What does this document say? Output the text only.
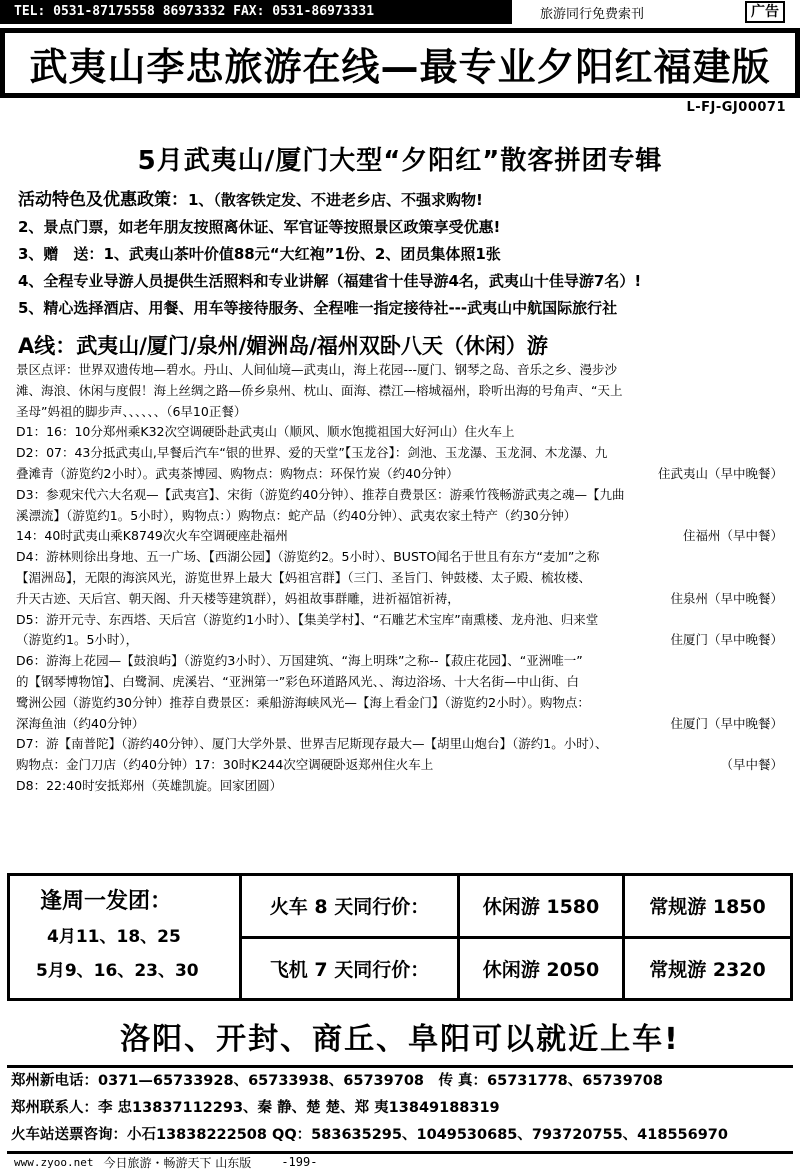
TEL: 0531-87175558 86973332 FAX: 0531-86973331	旅游同行免费索刊	广告
武夷山李忠旅游在线—最专业夕阳红福建版
L-FJ-GJ00071
5月武夷山/厦门大型“夕阳红”散客拼团专辑
活动特色及优惠政策：1、（散客铁定发、不进老乡店、不强求购物!
2、景点门票，如老年朋友按照离休证、军官证等按照景区政策享受优惠!
3、赠　送：1、武夷山茶叶价值88元“大红袍”1份、2、团员集体照1张
4、全程专业导游人员提供生活照料和专业讲解（福建省十佳导游4名，武夷山十佳导游7名）!
5、精心选择酒店、用餐、用车等接待服务、全程唯一指定接待社---武夷山中航国际旅行社
A线：武夷山/厦门/泉州/媚洲岛/福州双卧八天（休闲）游
景区点评：世界双遗传地—碧水。丹山、人间仙境—武夷山，海上花园---厦门、钢琴之岛、音乐之乡、漫步沙
滩、海浪、休闲与度假！海上丝绸之路—侨乡泉州、枕山、面海、襟江—榕城福州，聆听出海的号角声、“天上
圣母”妈祖的脚步声、、、、、、（6早10正餐）
D1：16：10分郑州乘K32次空调硬卧赴武夷山（顺风、顺水饱揽祖国大好河山）住火车上
D2：07：43分抵武夷山,早餐后汽车“银的世界、爱的天堂”【玉龙谷】：剑池、玉龙瀑、玉龙洞、木龙瀑、九
叠滩青（游览约2小时）。武夷茶博园、购物点：购物点：环保竹炭（约40分钟）	住武夷山（早中晚餐）
D3：参观宋代六大名观—【武夷宫】、宋街（游览约40分钟）、推荐自费景区：游乘竹筏畅游武夷之魂—【九曲
溪漂流】（游览约1。5小时），购物点：）购物点：蛇产品（约40分钟）、武夷农家土特产（约30分钟）
14：40时武夷山乘K8749次火车空调硬座赴福州	住福州（早中餐）
D4：游林则徐出身地、五一广场、【西湖公园】（游览约2。5小时）、BUSTO闻名于世且有东方“麦加”之称
【湄洲岛】，无限的海滨风光，游览世界上最大【妈祖宫群】（三门、圣旨门、钟鼓楼、太子殿、梳妆楼、
升天古迹、天后宫、朝天阁、升天楼等建筑群），妈祖故事群雕，进祈福馆祈祷，	住泉州（早中晚餐）
D5：游开元寺、东西塔、天后宫（游览约1小时）、【集美学村】、“石雕艺术宝库”南熏楼、龙舟池、归来堂
（游览约1。5小时），	住厦门（早中晚餐）
D6：游海上花园—【鼓浪屿】（游览约3小时）、万国建筑、“海上明珠”之称--【菽庄花园】、“亚洲唯一”
的【钢琴博物馆】、白鹭洞、虎溪岩、“亚洲第一”彩色环道路风光、、海边浴场、十大名街—中山街、白
鹭洲公园（游览约30分钟）推荐自费景区：乘船游海峡风光—【海上看金门】（游览约2小时）。购物点：
深海鱼油（约40分钟）	住厦门（早中晚餐）
D7：游【南普陀】（游约40分钟）、厦门大学外景、世界吉尼斯现存最大—【胡里山炮台】（游约1。小时）、
购物点：金门刀店（约40分钟）17：30时K244次空调硬卧返郑州住火车上	（早中餐）
D8：22:40时安抵郑州（英雄凯旋。回家团圆）
逢周一发团：
4月11、18、25
5月9、16、23、30
火车 8 天同行价：	休闲游 1580	常规游 1850
飞机 7 天同行价：	休闲游 2050	常规游 2320
洛阳、开封、商丘、阜阳可以就近上车!
郑州新电话：0371—65733928、65733938、65739708　传 真：65731778、65739708
郑州联系人：李 忠13837112293、秦 静、楚 楚、郑 夷13849188319
火车站送票咨询：小石13838222508 QQ：583635295、1049530685、793720755、418556970
www.zyoo.net 今日旅游・畅游天下 山东版	-199-
